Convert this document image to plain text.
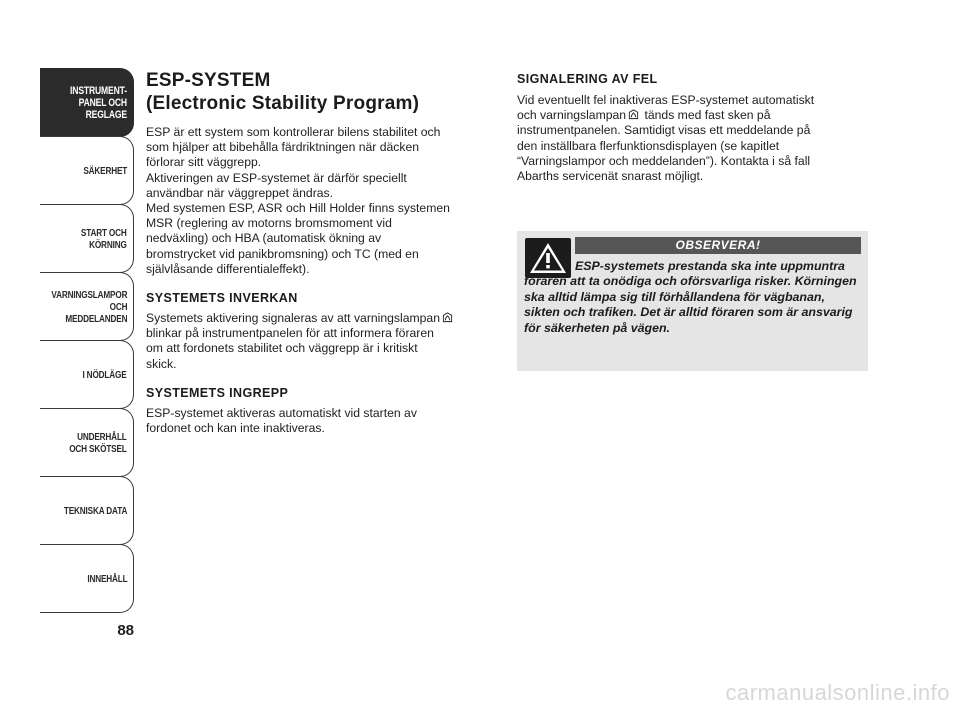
INSTRUMENT-
PANEL OCH
REGLAGE
SÄKERHET
START OCH
KÖRNING
VARNINGSLAMPOR
OCH
MEDDELANDEN
I NÖDLÄGE
UNDERHÅLL
OCH SKÖTSEL
TEKNISKA DATA
INNEHÅLL
88
ESP-SYSTEM
(Electronic Stability Program)

ESP är ett system som kontrollerar bilens stabilitet och
som hjälper att bibehålla färdriktningen när däcken
förlorar sitt väggrepp.
Aktiveringen av ESP-systemet är därför speciellt
användbar när väggreppet ändras.
Med systemen ESP, ASR och Hill Holder finns systemen
MSR (reglering av motorns bromsmoment vid
nedväxling) och HBA (automatisk ökning av
bromstrycket vid panikbromsning) och TC (med en
självlåsande differentialeffekt).

SYSTEMETS INVERKAN

Systemets aktivering signaleras av att varningslampan
blinkar på instrumentpanelen för att informera föraren
om att fordonets stabilitet och väggrepp är i kritiskt
skick.

SYSTEMETS INGREPP

ESP-systemet aktiveras automatiskt vid starten av
fordonet och kan inte inaktiveras.

SIGNALERING AV FEL

Vid eventuellt fel inaktiveras ESP-systemet automatiskt
och varningslampan tänds med fast sken på
instrumentpanelen. Samtidigt visas ett meddelande på
den inställbara flerfunktionsdisplayen (se kapitlet
“Varningslampor och meddelanden”). Kontakta i så fall
Abarths servicenät snarast möjligt.

OBSERVERA!

ESP-systemets prestanda ska inte uppmuntra föraren att ta onödiga och oförsvarliga risker. Körningen ska alltid lämpa sig till förhållandena för vägbanan, sikten och trafiken. Det är alltid föraren som är ansvarig för säkerheten på vägen.

carmanualsonline.info
